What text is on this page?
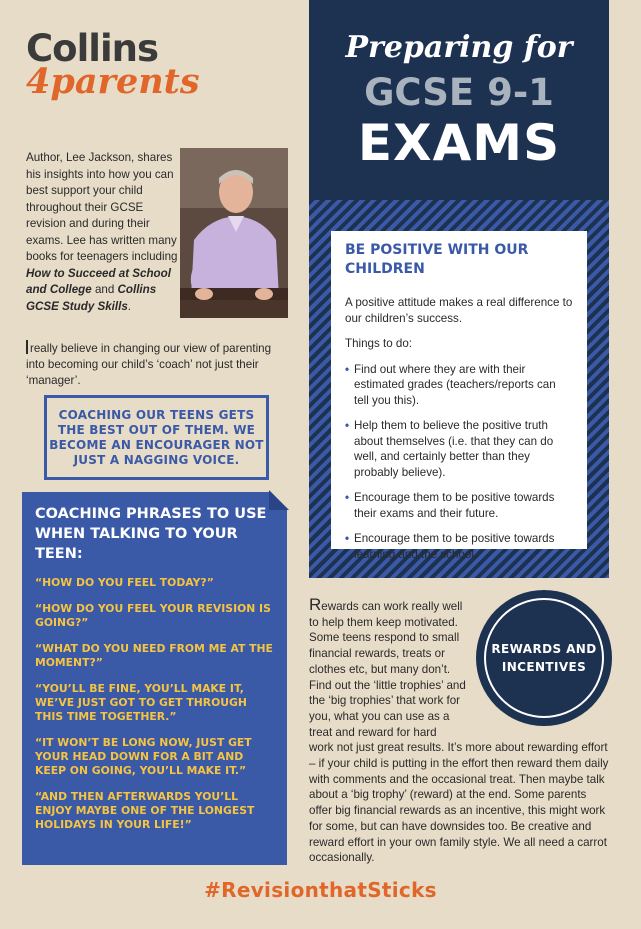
Collins
4parents
Author, Lee Jackson, shares his insights into how you can best support your child throughout their GCSE revision and during their exams. Lee has written many books for teenagers including How to Succeed at School and College and Collins GCSE Study Skills.
really believe in changing our view of parenting into becoming our child’s ‘coach’ not just their ‘manager’.
COACHING OUR TEENS GETS THE BEST OUT OF THEM. WE BECOME AN ENCOURAGER NOT JUST A NAGGING VOICE.
COACHING PHRASES TO USE WHEN TALKING TO YOUR TEEN:
“HOW DO YOU FEEL TODAY?”
“HOW DO YOU FEEL YOUR REVISION IS GOING?”
“WHAT DO YOU NEED FROM ME AT THE MOMENT?”
“YOU’LL BE FINE, YOU’LL MAKE IT, WE’VE JUST GOT TO GET THROUGH THIS TIME TOGETHER.”
“IT WON’T BE LONG NOW, JUST GET YOUR HEAD DOWN FOR A BIT AND KEEP ON GOING, YOU’LL MAKE IT.”
“AND THEN AFTERWARDS YOU’LL ENJOY MAYBE ONE OF THE LONGEST HOLIDAYS IN YOUR LIFE!”
Preparing for
GCSE 9-1
EXAMS
BE POSITIVE WITH OUR CHILDREN

A positive attitude makes a real difference to our children’s success.

Things to do:

• Find out where they are with their estimated grades (teachers/reports can tell you this).
• Help them to believe the positive truth about themselves (i.e. that they can do well, and certainly better than they probably believe).
• Encourage them to be positive towards their exams and their future.
• Encourage them to be positive towards learning and the school.
Rewards can work really well to help them keep motivated. Some teens respond to small financial rewards, treats or clothes etc, but many don’t. Find out the ‘little trophies’ and the ‘big trophies’ that work for you, what you can use as a treat and reward for hard
work not just great results. It’s more about rewarding effort – if your child is putting in the effort then reward them daily with comments and the occasional treat. Then maybe talk about a ‘big trophy’ (reward) at the end. Some parents offer big financial rewards as an incentive, this might work for some, but can have downsides too. Be creative and reward effort in your own family style. We all need a carrot occasionally.
REWARDS AND INCENTIVES
#RevisionthatSticks
